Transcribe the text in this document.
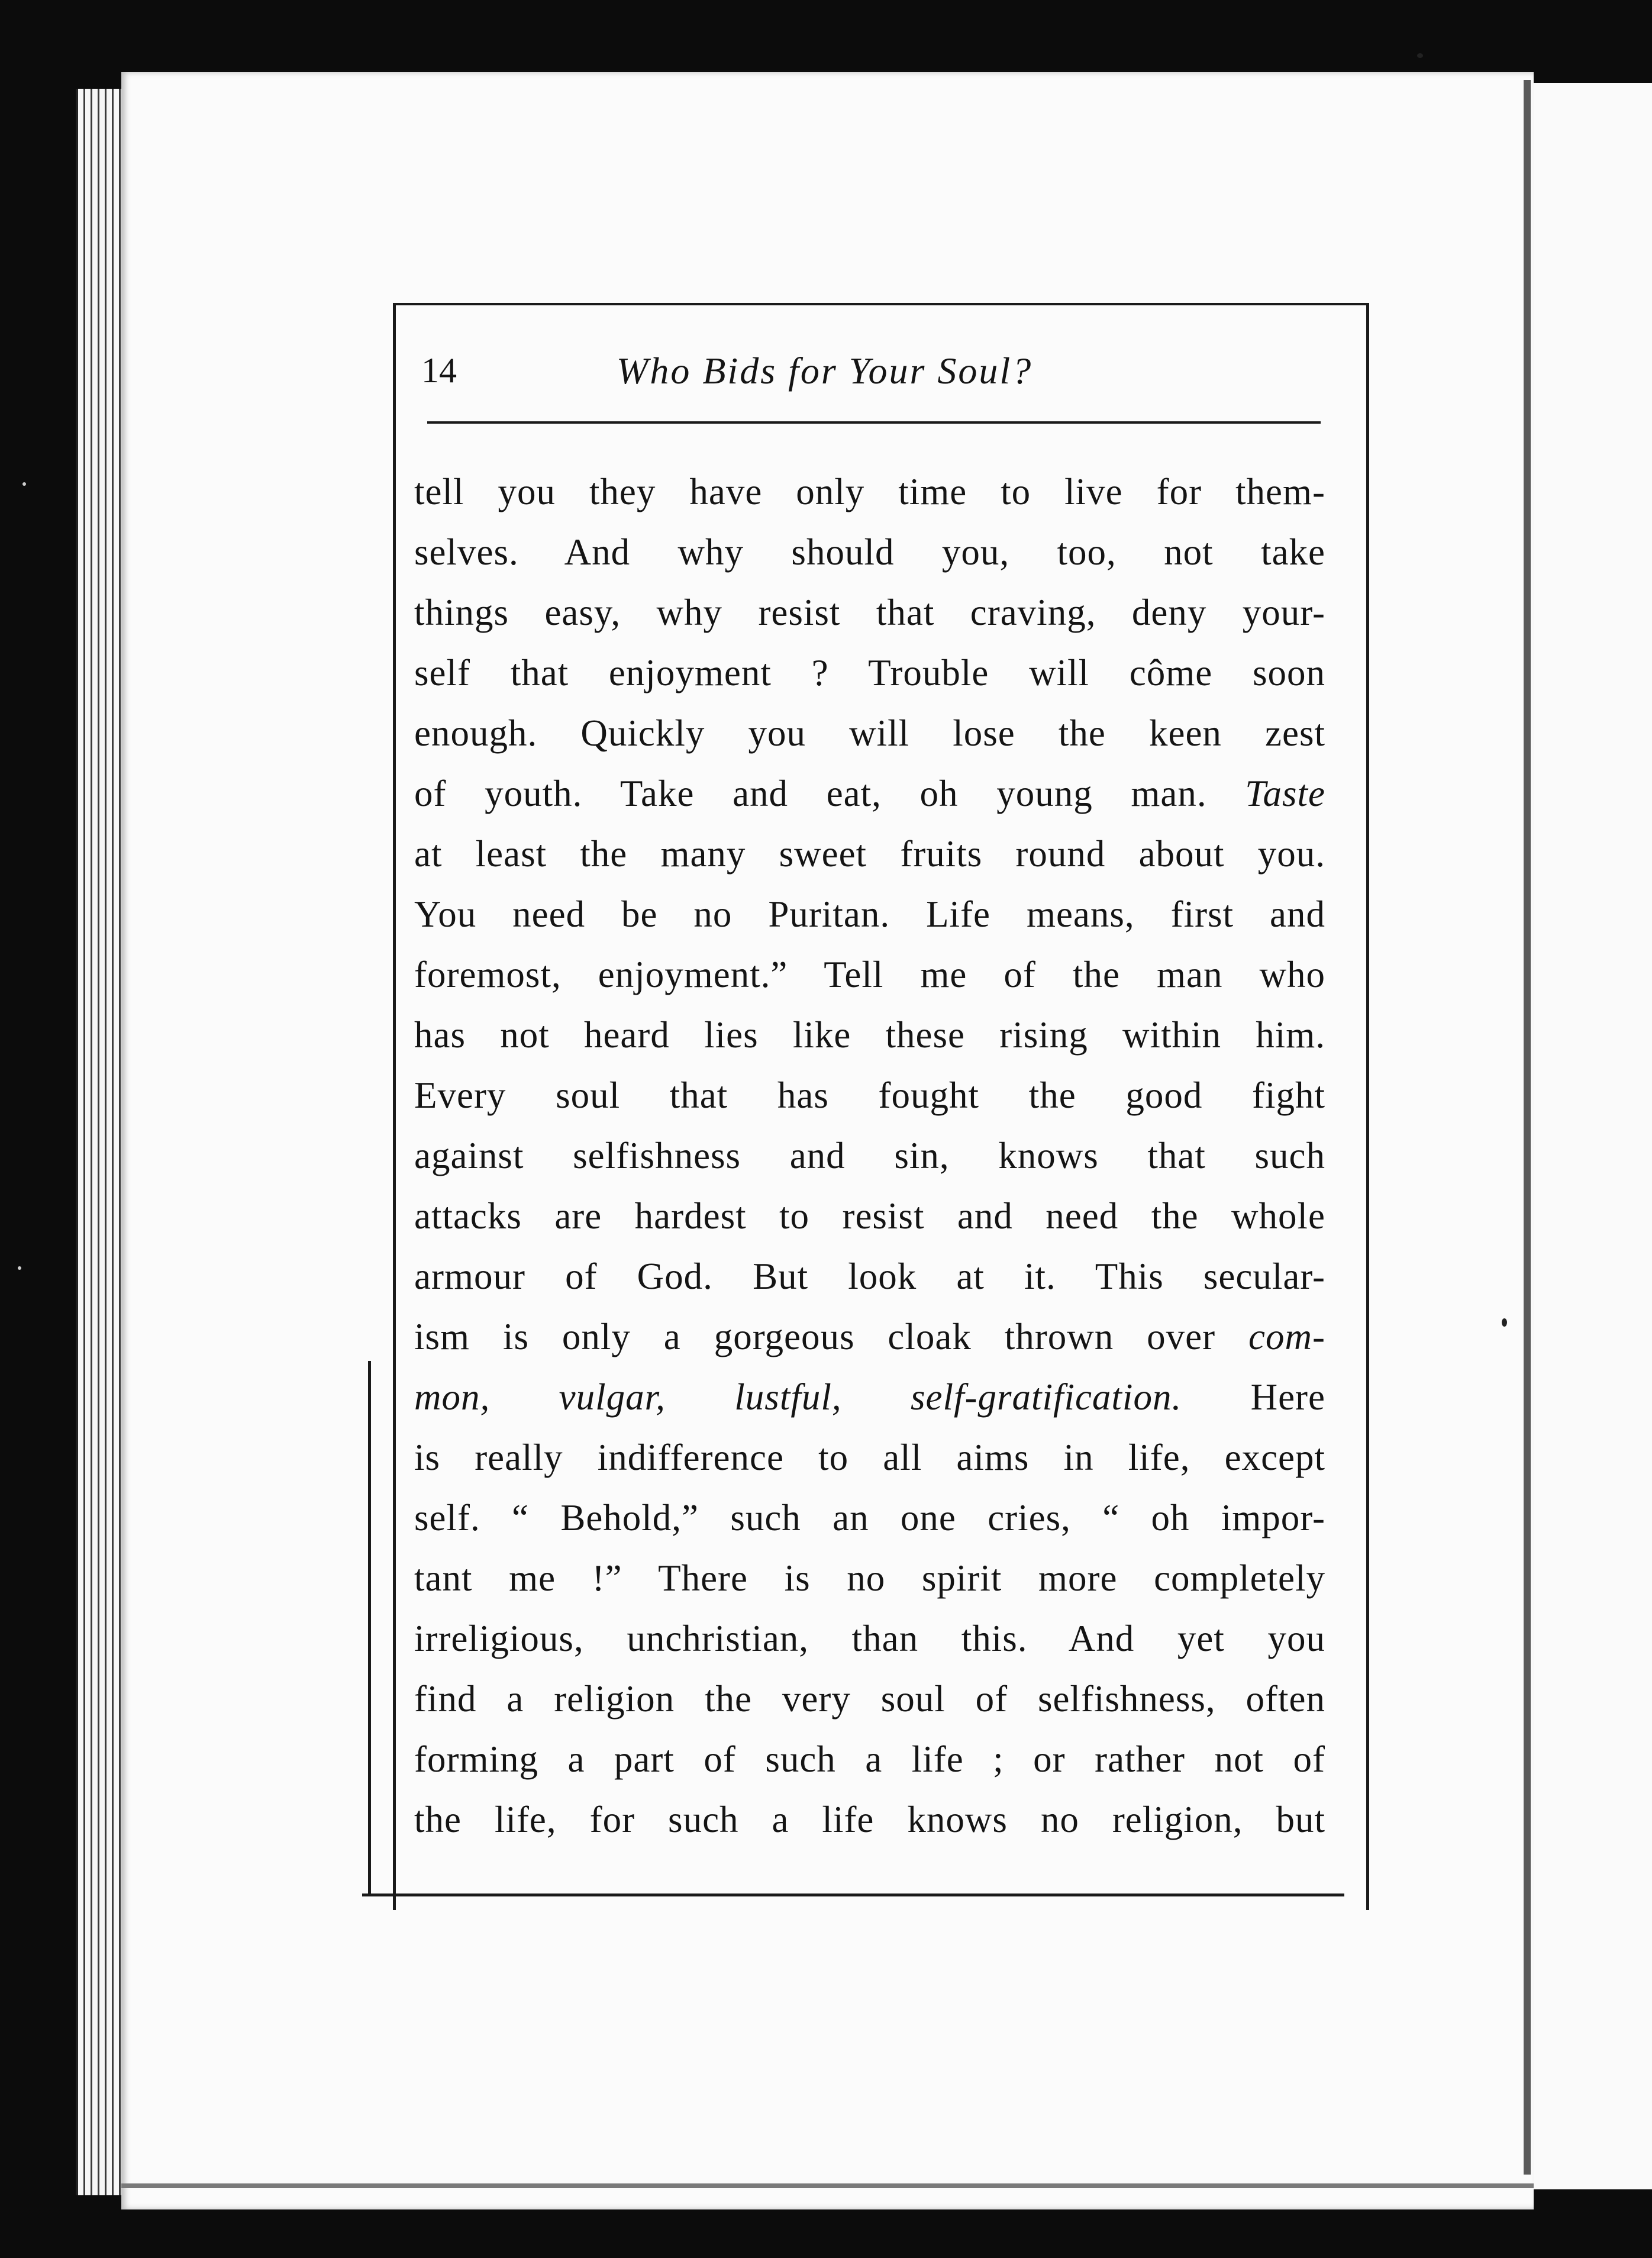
14	Who Bids for Your Soul?
tell you they have only time to live for them-
selves. And why should you, too, not take
things easy, why resist that craving, deny your-
self that enjoyment ? Trouble will côme soon
enough. Quickly you will lose the keen zest
of youth. Take and eat, oh young man. Taste
at least the many sweet fruits round about you.
You need be no Puritan. Life means, first and
foremost, enjoyment.” Tell me of the man who
has not heard lies like these rising within him.
Every soul that has fought the good fight
against selfishness and sin, knows that such
attacks are hardest to resist and need the whole
armour of God. But look at it. This secular-
ism is only a gorgeous cloak thrown over com-
mon, vulgar, lustful, self-gratification. Here
is really indifference to all aims in life, except
self. “ Behold,” such an one cries, “ oh impor-
tant me !” There is no spirit more completely
irreligious, unchristian, than this. And yet you
find a religion the very soul of selfishness, often
forming a part of such a life ; or rather not of
the life, for such a life knows no religion, but
